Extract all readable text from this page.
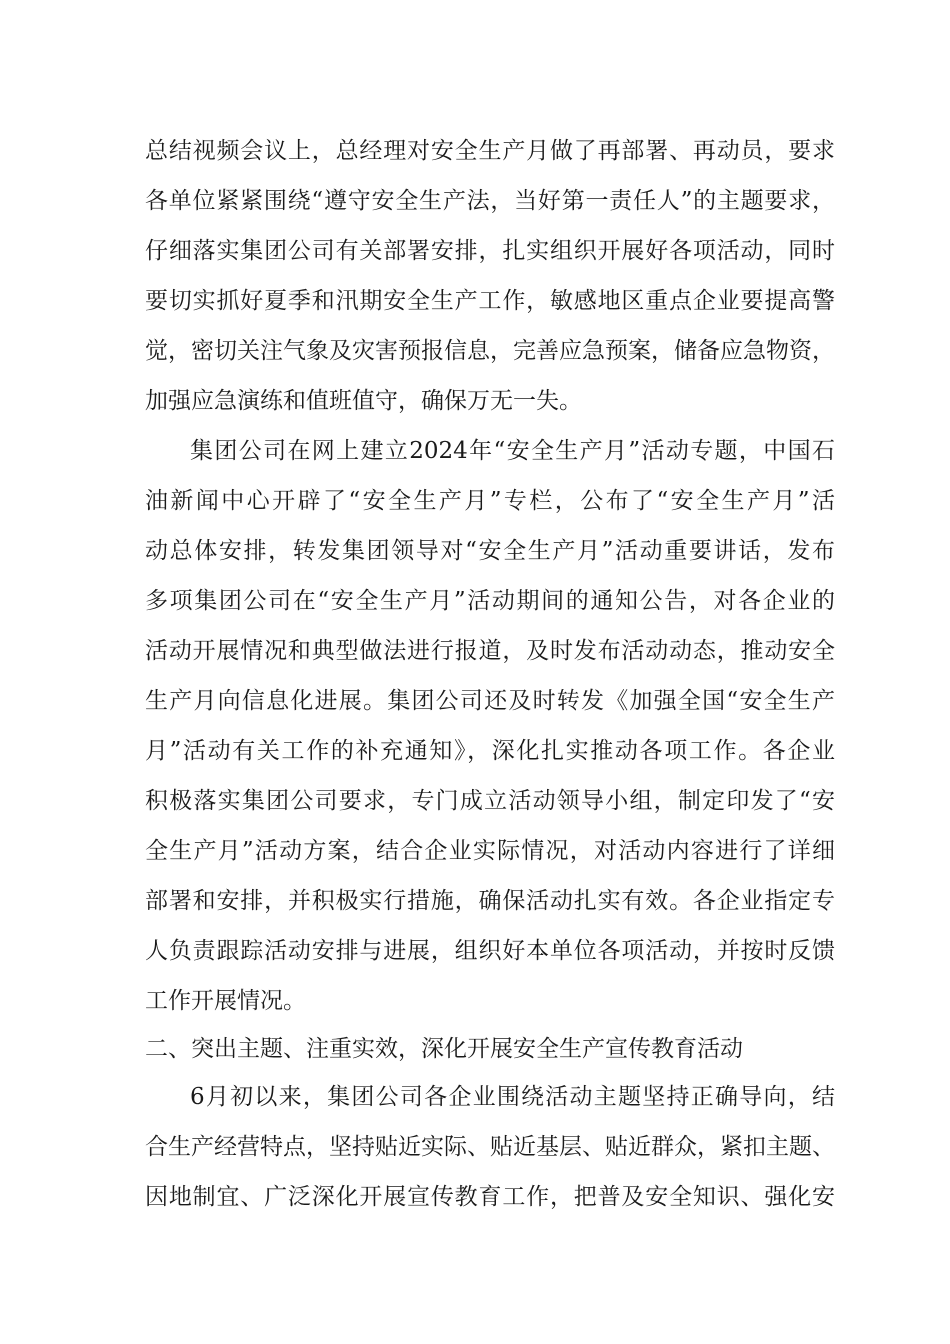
总结视频会议上，总经理对安全生产月做了再部署、再动员，要求
各单位紧紧围绕“遵守安全生产法，当好第一责任人”的主题要求，
仔细落实集团公司有关部署安排，扎实组织开展好各项活动，同时
要切实抓好夏季和汛期安全生产工作，敏感地区重点企业要提高警
觉，密切关注气象及灾害预报信息，完善应急预案，储备应急物资，
加强应急演练和值班值守，确保万无一失。
集团公司在网上建立2024年“安全生产月”活动专题，中国石
油新闻中心开辟了“安全生产月”专栏，公布了“安全生产月”活
动总体安排，转发集团领导对“安全生产月”活动重要讲话，发布
多项集团公司在“安全生产月”活动期间的通知公告，对各企业的
活动开展情况和典型做法进行报道，及时发布活动动态，推动安全
生产月向信息化进展。集团公司还及时转发《加强全国“安全生产
月”活动有关工作的补充通知》，深化扎实推动各项工作。各企业
积极落实集团公司要求，专门成立活动领导小组，制定印发了“安
全生产月”活动方案，结合企业实际情况，对活动内容进行了详细
部署和安排，并积极实行措施，确保活动扎实有效。各企业指定专
人负责跟踪活动安排与进展，组织好本单位各项活动，并按时反馈
工作开展情况。
二、突出主题、注重实效，深化开展安全生产宣传教育活动
6月初以来，集团公司各企业围绕活动主题坚持正确导向，结
合生产经营特点，坚持贴近实际、贴近基层、贴近群众，紧扣主题、
因地制宜、广泛深化开展宣传教育工作，把普及安全知识、强化安
